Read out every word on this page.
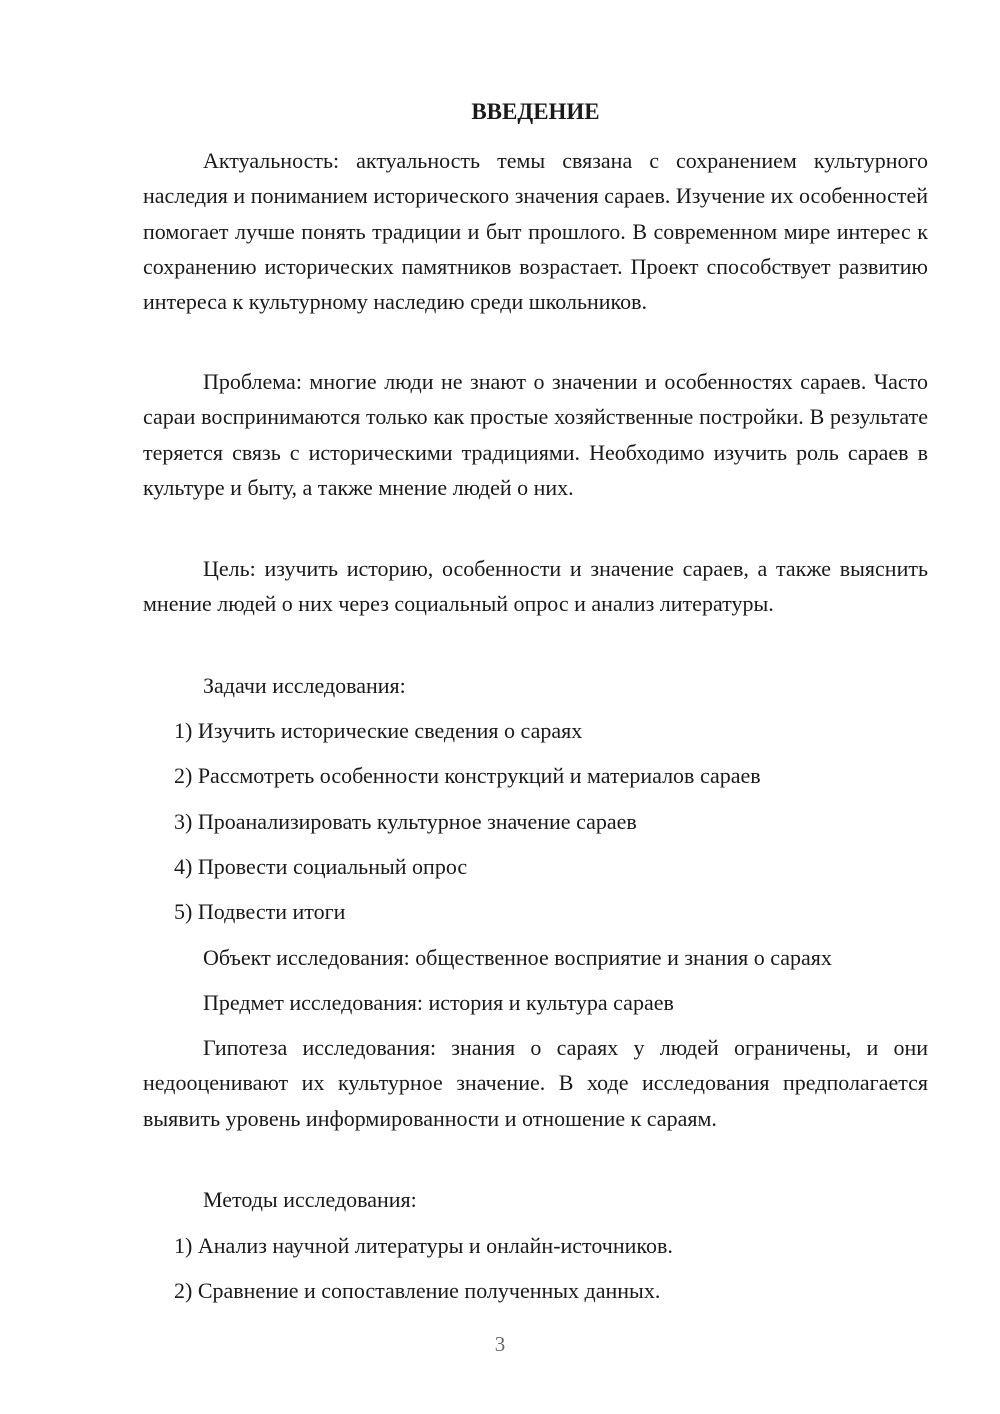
ВВЕДЕНИЕ

Актуальность: актуальность темы связана с сохранением культурного наследия и пониманием исторического значения сараев. Изучение их особенностей помогает лучше понять традиции и быт прошлого. В современном мире интерес к сохранению исторических памятников возрастает. Проект способствует развитию интереса к культурному наследию среди школьников.

Проблема: многие люди не знают о значении и особенностях сараев. Часто сараи воспринимаются только как простые хозяйственные постройки. В результате теряется связь с историческими традициями. Необходимо изучить роль сараев в культуре и быту, а также мнение людей о них.

Цель: изучить историю, особенности и значение сараев, а также выяснить мнение людей о них через социальный опрос и анализ литературы.

Задачи исследования:

1) Изучить исторические сведения о сараях

2) Рассмотреть особенности конструкций и материалов сараев

3) Проанализировать культурное значение сараев

4) Провести социальный опрос

5) Подвести итоги

Объект исследования: общественное восприятие и знания о сараях

Предмет исследования: история и культура сараев

Гипотеза исследования: знания о сараях у людей ограничены, и они недооценивают их культурное значение. В ходе исследования предполагается выявить уровень информированности и отношение к сараям.

Методы исследования:

1) Анализ научной литературы и онлайн-источников.

2) Сравнение и сопоставление полученных данных.

3
